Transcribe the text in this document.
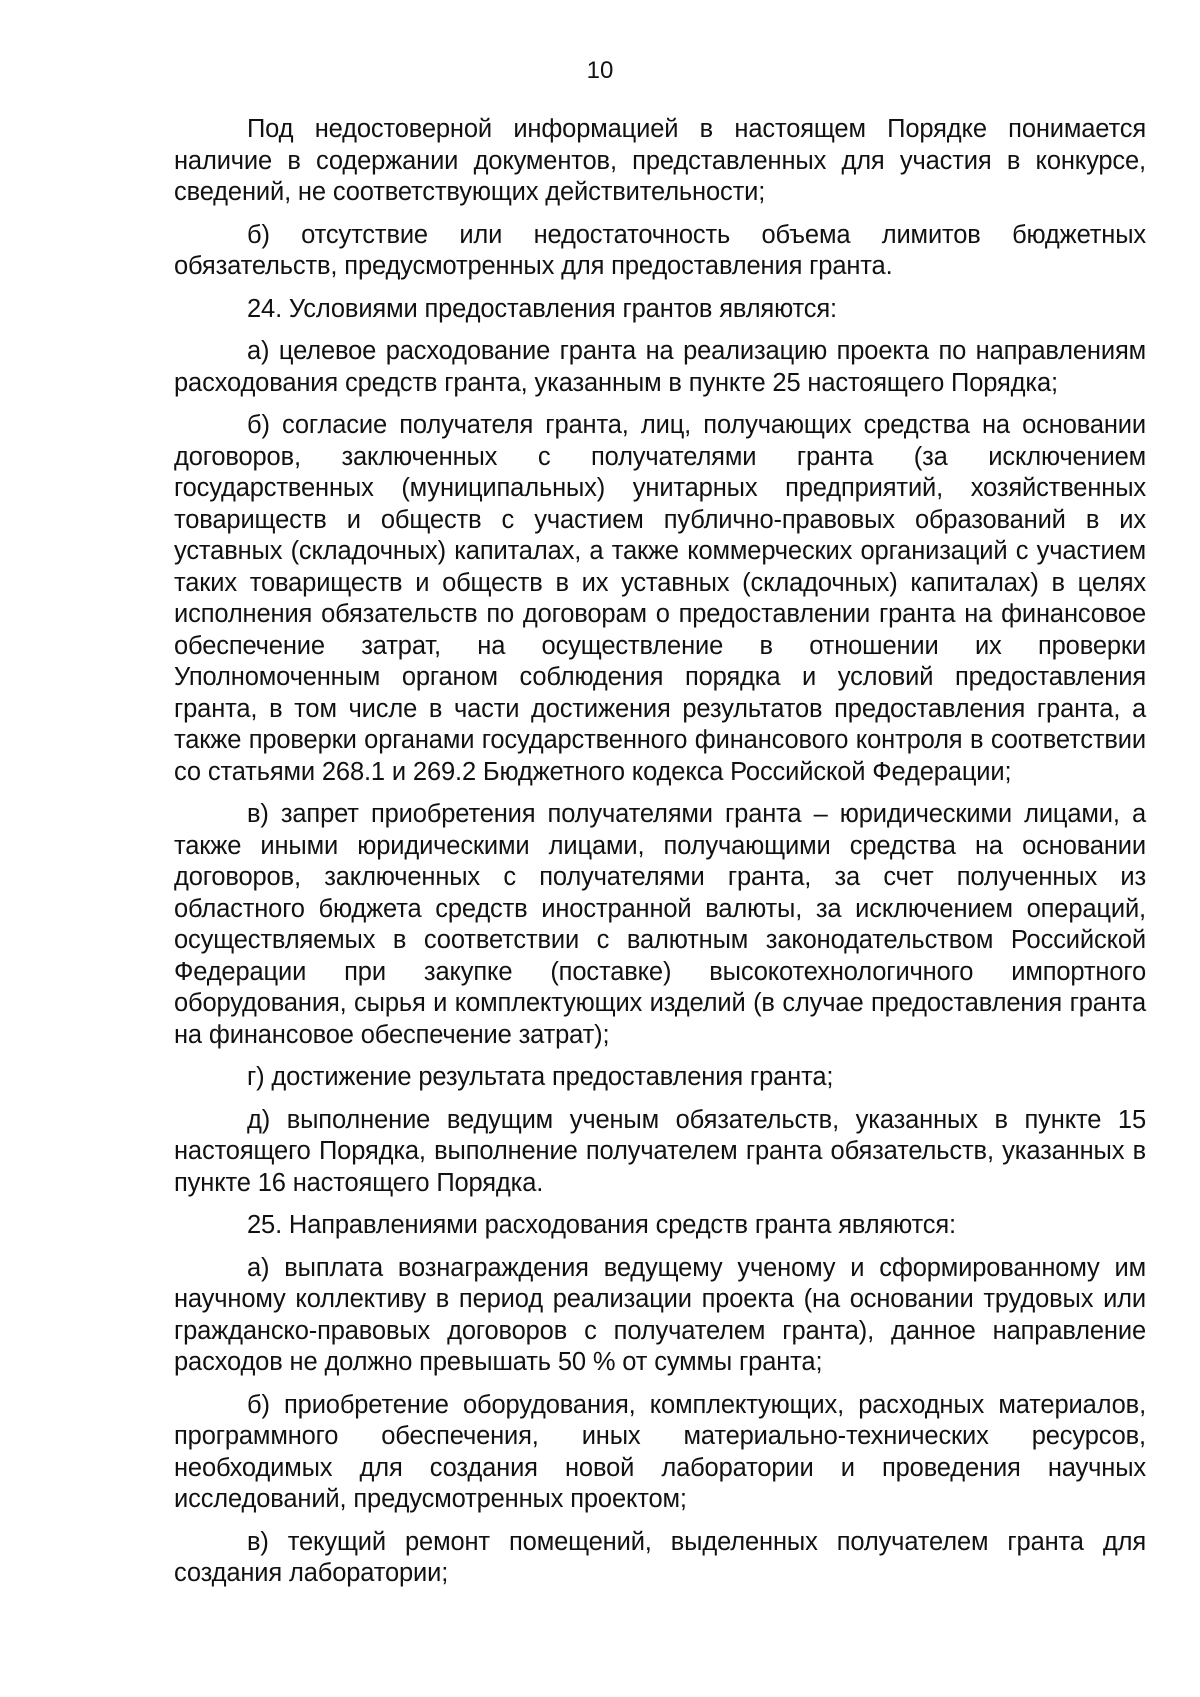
10

Под недостоверной информацией в настоящем Порядке понимается наличие в содержании документов, представленных для участия в конкурсе, сведений, не соответствующих действительности;

б) отсутствие или недостаточность объема лимитов бюджетных обязательств, предусмотренных для предоставления гранта.

24. Условиями предоставления грантов являются:

а) целевое расходование гранта на реализацию проекта по направлениям расходования средств гранта, указанным в пункте 25 настоящего Порядка;

б) согласие получателя гранта, лиц, получающих средства на основании договоров, заключенных с получателями гранта (за исключением государственных (муниципальных) унитарных предприятий, хозяйственных товариществ и обществ с участием публично-правовых образований в их уставных (складочных) капиталах, а также коммерческих организаций с участием таких товариществ и обществ в их уставных (складочных) капиталах) в целях исполнения обязательств по договорам о предоставлении гранта на финансовое обеспечение затрат, на осуществление в отношении их проверки Уполномоченным органом соблюдения порядка и условий предоставления гранта, в том числе в части достижения результатов предоставления гранта, а также проверки органами государственного финансового контроля в соответствии со статьями 268.1 и 269.2 Бюджетного кодекса Российской Федерации;

в) запрет приобретения получателями гранта – юридическими лицами, а также иными юридическими лицами, получающими средства на основании договоров, заключенных с получателями гранта, за счет полученных из областного бюджета средств иностранной валюты, за исключением операций, осуществляемых в соответствии с валютным законодательством Российской Федерации при закупке (поставке) высокотехнологичного импортного оборудования, сырья и комплектующих изделий (в случае предоставления гранта на финансовое обеспечение затрат);

г) достижение результата предоставления гранта;

д) выполнение ведущим ученым обязательств, указанных в пункте 15 настоящего Порядка, выполнение получателем гранта обязательств, указанных в пункте 16 настоящего Порядка.

25. Направлениями расходования средств гранта являются:

а) выплата вознаграждения ведущему ученому и сформированному им научному коллективу в период реализации проекта (на основании трудовых или гражданско-правовых договоров с получателем гранта), данное направление расходов не должно превышать 50 % от суммы гранта;

б) приобретение оборудования, комплектующих, расходных материалов, программного обеспечения, иных материально-технических ресурсов, необходимых для создания новой лаборатории и проведения научных исследований, предусмотренных проектом;

в) текущий ремонт помещений, выделенных получателем гранта для создания лаборатории;
